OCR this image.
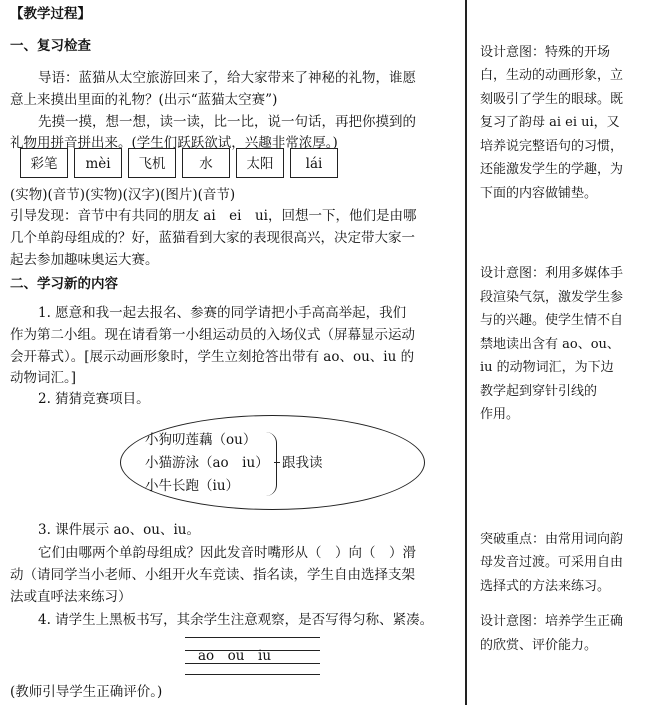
【教学过程】
一、复习检查
导语：蓝猫从太空旅游回来了，给大家带来了神秘的礼物，谁愿
意上来摸出里面的礼物？(出示“蓝猫太空赛”)
先摸一摸，想一想，读一读，比一比，说一句话，再把你摸到的
礼物用拼音拼出来。(学生们跃跃欲试，兴趣非常浓厚。)
彩笔	mèi	飞机	水	太阳	lái
(实物)(音节)(实物)(汉字)(图片)(音节)
引导发现：音节中有共同的朋友 ai　ei　ui，回想一下，他们是由哪
几个单韵母组成的？好，蓝猫看到大家的表现很高兴，决定带大家一
起去参加趣味奥运大赛。
二、学习新的内容
1. 愿意和我一起去报名、参赛的同学请把小手高高举起，我们
作为第二小组。现在请看第一小组运动员的入场仪式（屏幕显示运动
会开幕式）。[展示动画形象时，学生立刻抢答出带有 ao、ou、iu 的
动物词汇。]
2. 猜猜竞赛项目。
小狗叨莲藕（ou）
小猫游泳（ao　iu）
小牛长跑（iu）
跟我读
3. 课件展示 ao、ou、iu。
它们由哪两个单韵母组成？因此发音时嘴形从（　）向（　）滑
动（请同学当小老师、小组开火车竞读、指名读，学生自由选择支架
法或直呼法来练习）
4. 请学生上黑板书写，其余学生注意观察，是否写得匀称、紧凑。
ao　ou　iu
(教师引导学生正确评价。)
设计意图：特殊的开场
白，生动的动画形象，立
刻吸引了学生的眼球。既
复习了韵母 ai ei ui，又
培养说完整语句的习惯，
还能激发学生的学趣，为
下面的内容做铺垫。
设计意图：利用多媒体手
段渲染气氛，激发学生参
与的兴趣。使学生情不自
禁地读出含有 ao、ou、
iu 的动物词汇，为下边
教学起到穿针引线的
作用。
突破重点：由常用词向韵
母发音过渡。可采用自由
选择式的方法来练习。
设计意图：培养学生正确
的欣赏、评价能力。
